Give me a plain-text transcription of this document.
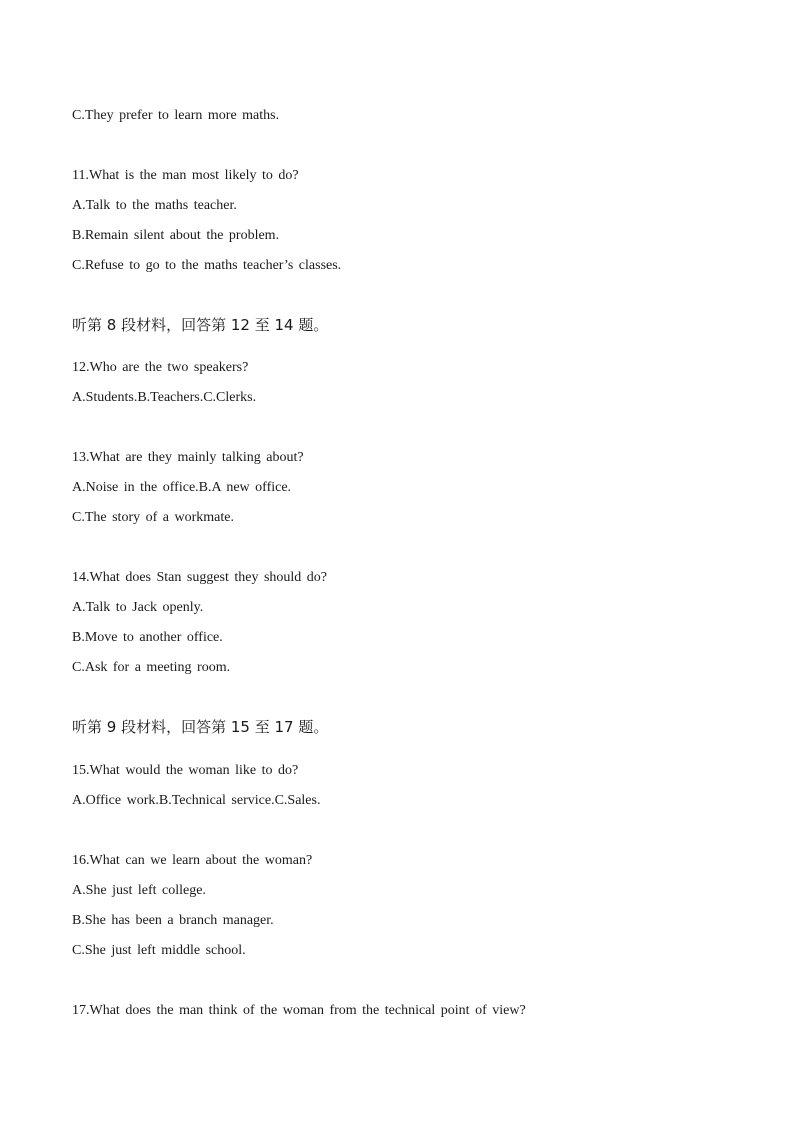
C.They prefer to learn more maths.
11.What is the man most likely to do?
A.Talk to the maths teacher.
B.Remain silent about the problem.
C.Refuse to go to the maths teacher’s classes.
听第 8 段材料，回答第 12 至 14 题。
12.Who are the two speakers?
A.Students.B.Teachers.C.Clerks.
13.What are they mainly talking about?
A.Noise in the office.B.A new office.
C.The story of a workmate.
14.What does Stan suggest they should do?
A.Talk to Jack openly.
B.Move to another office.
C.Ask for a meeting room.
听第 9 段材料，回答第 15 至 17 题。
15.What would the woman like to do?
A.Office work.B.Technical service.C.Sales.
16.What can we learn about the woman?
A.She just left college.
B.She has been a branch manager.
C.She just left middle school.
17.What does the man think of the woman from the technical point of view?
